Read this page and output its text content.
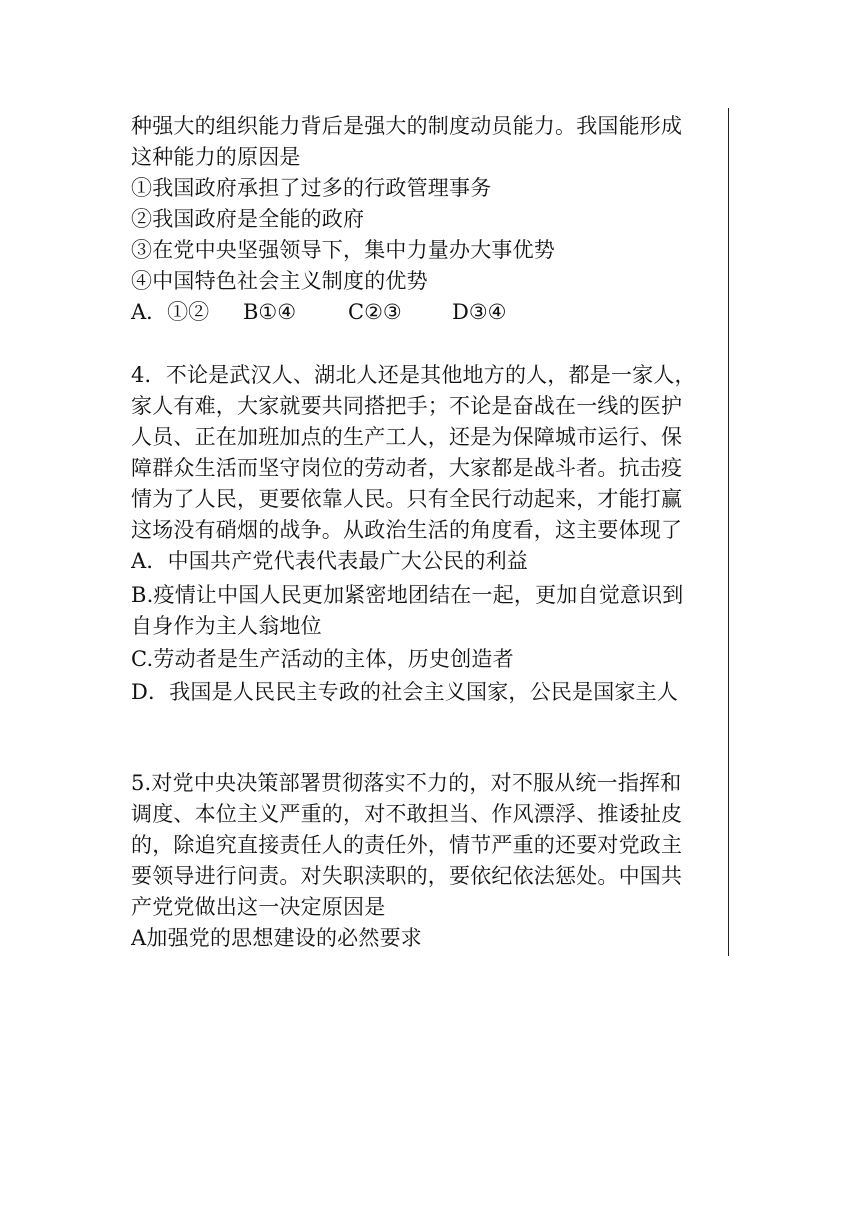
种强大的组织能力背后是强大的制度动员能力。我国能形成
这种能力的原因是
①我国政府承担了过多的行政管理事务
②我国政府是全能的政府
③在党中央坚强领导下，集中力量办大事优势
④中国特色社会主义制度的优势
A．①② B①④ C②③ D③④
4．不论是武汉人、湖北人还是其他地方的人，都是一家人，
家人有难，大家就要共同搭把手；不论是奋战在一线的医护
人员、正在加班加点的生产工人，还是为保障城市运行、保
障群众生活而坚守岗位的劳动者，大家都是战斗者。抗击疫
情为了人民，更要依靠人民。只有全民行动起来，才能打赢
这场没有硝烟的战争。从政治生活的角度看，这主要体现了
A．中国共产党代表代表最广大公民的利益
B.疫情让中国人民更加紧密地团结在一起，更加自觉意识到
自身作为主人翁地位
C.劳动者是生产活动的主体，历史创造者
D．我国是人民民主专政的社会主义国家，公民是国家主人
5.对党中央决策部署贯彻落实不力的，对不服从统一指挥和
调度、本位主义严重的，对不敢担当、作风漂浮、推诿扯皮
的，除追究直接责任人的责任外，情节严重的还要对党政主
要领导进行问责。对失职渎职的，要依纪依法惩处。中国共
产党党做出这一决定原因是
A加强党的思想建设的必然要求
